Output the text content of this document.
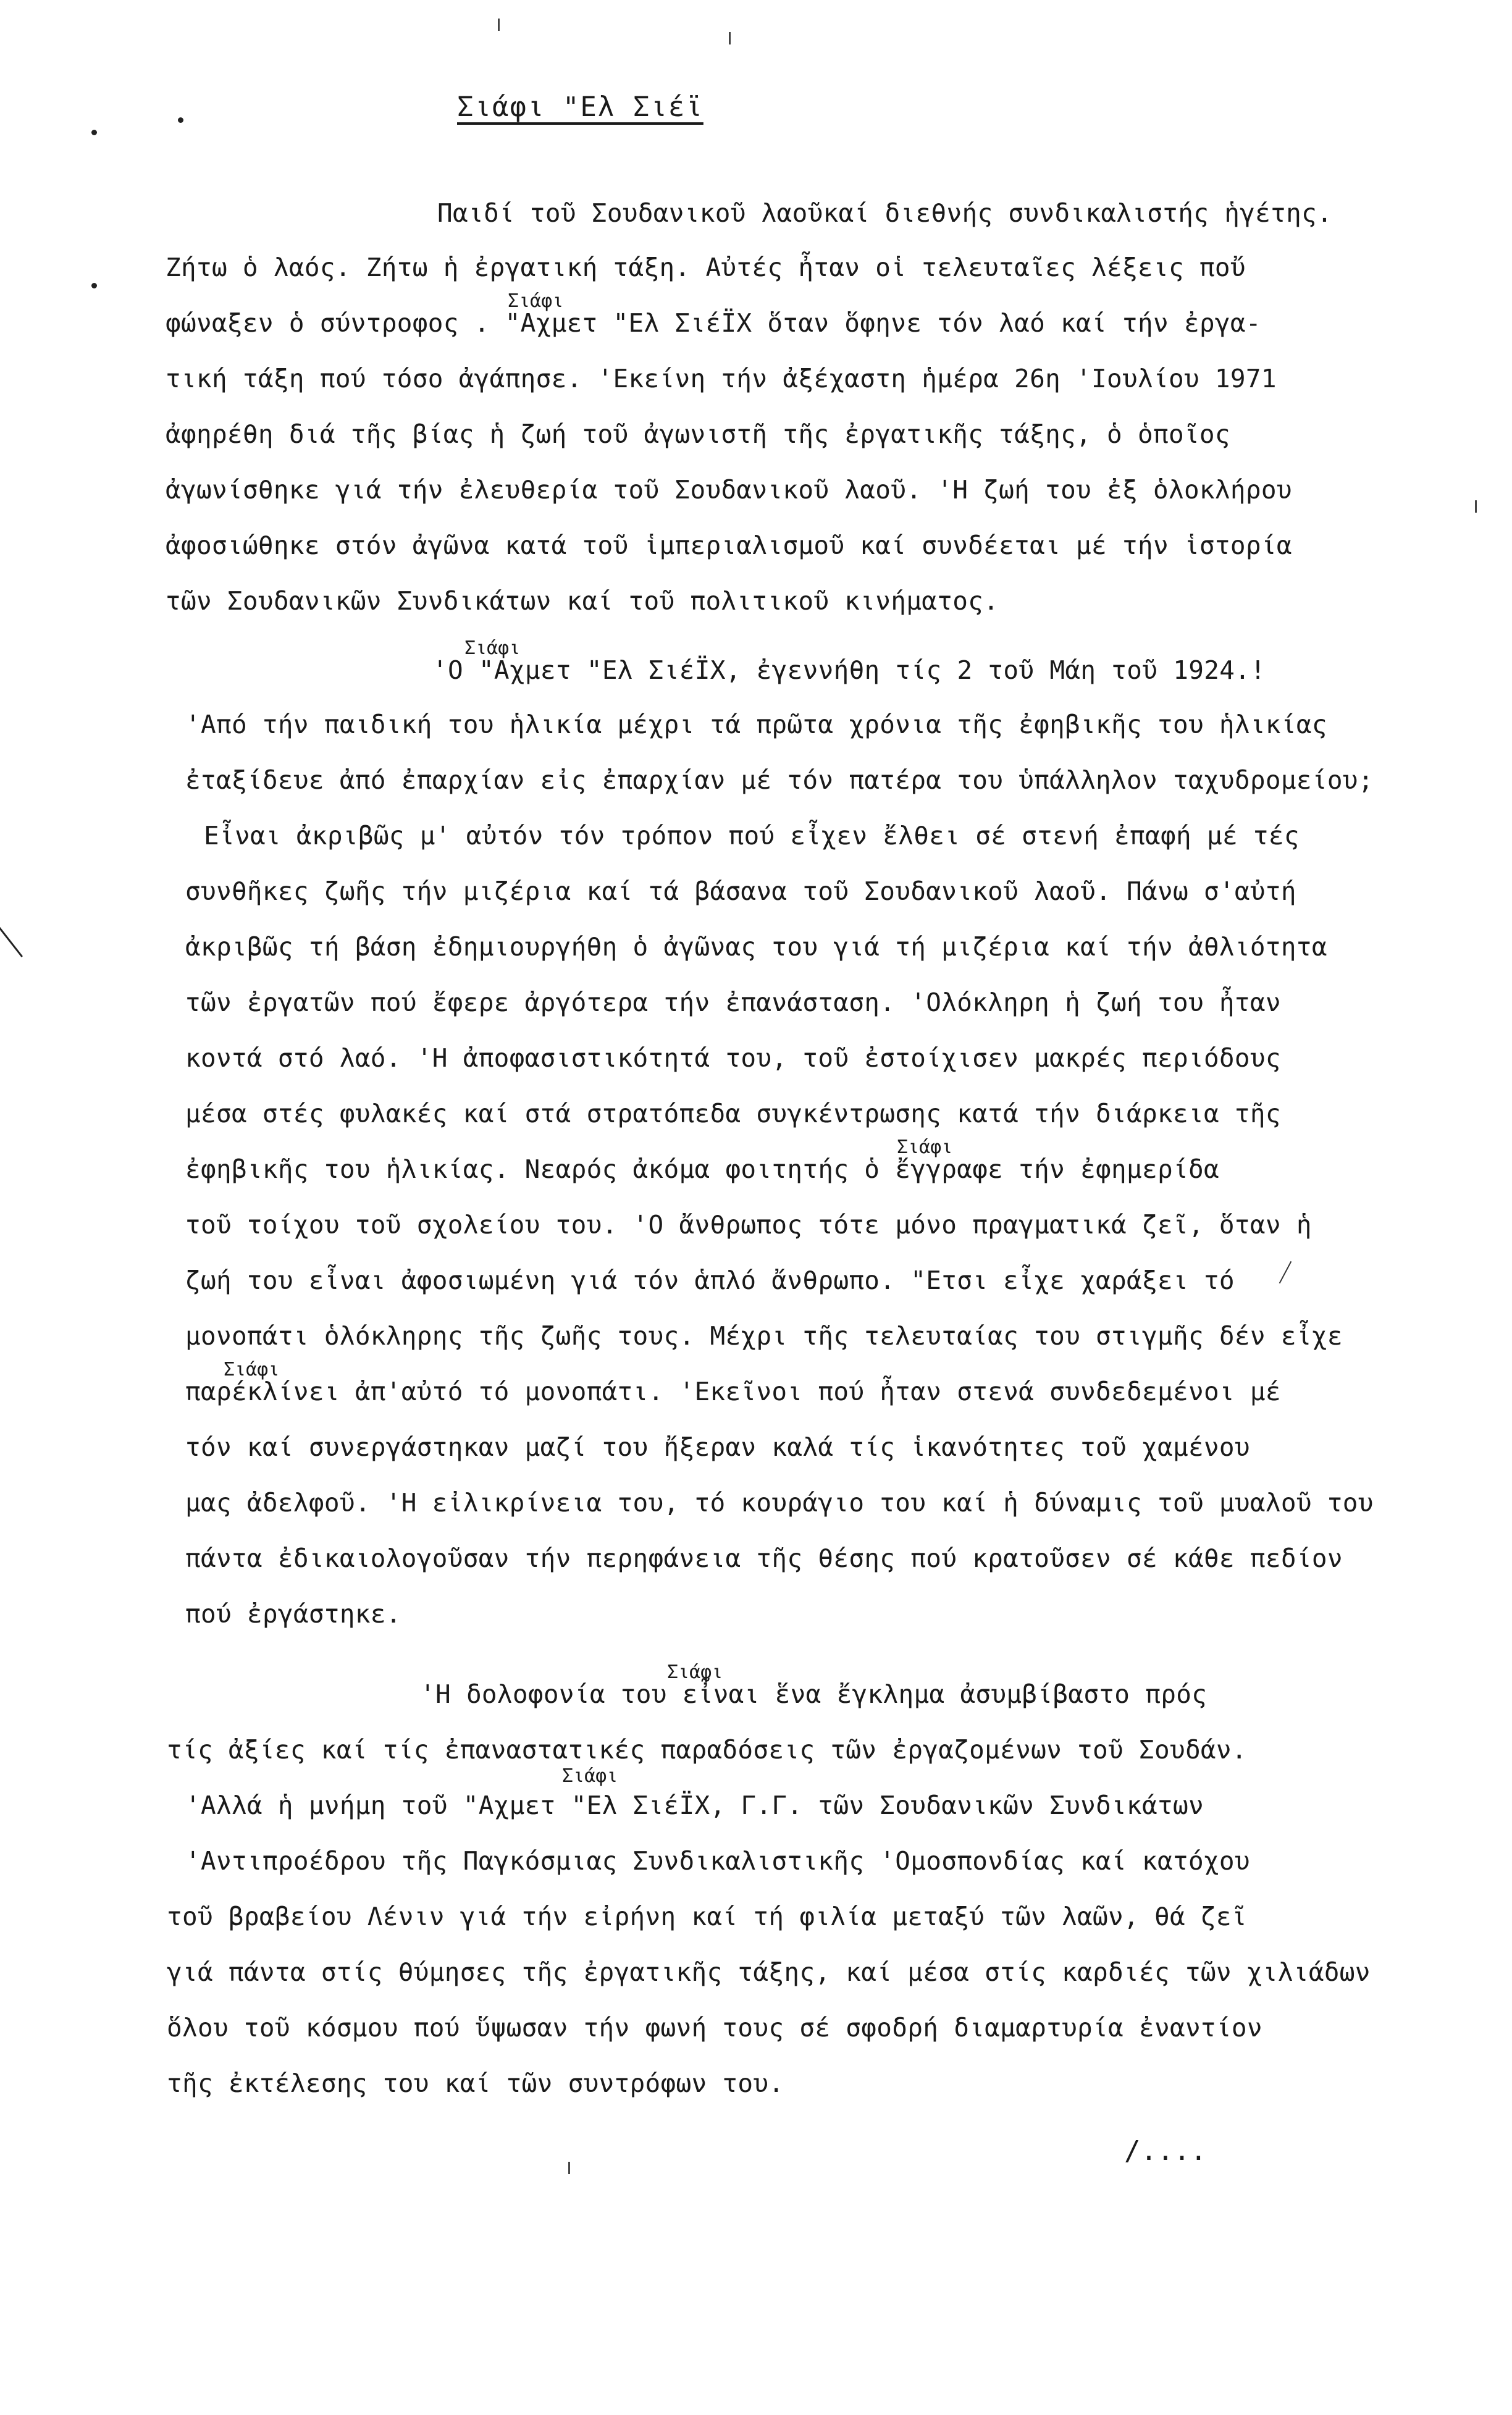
Σιάφι "Ελ Σιέϊ
Παιδί τοῦ Σουδανικοῦ λαοῦκαί διεθνής συνδικαλιστής ἡγέτης.
Ζήτω ὁ λαός. Ζήτω ἡ ἐργατική τάξη. Αὐτές ἦταν οἱ τελευταῖες λέξεις ποὔ
φώναξεν ὁ σύντροφος . "Αχμετ "Ελ ΣιέΪΧ ὅταν ὅφηνε τόν λαό καί τήν ἐργα-
τική τάξη πού τόσο ἀγάπησε. 'Εκείνη τήν ἀξέχαστη ἡμέρα 26η 'Ιουλίου 1971
ἀφηρέθη διά τῆς βίας ἡ ζωή τοῦ ἀγωνιστῆ τῆς ἐργατικῆς τάξης, ὁ ὁποῖος
ἀγωνίσθηκε γιά τήν ἐλευθερία τοῦ Σουδανικοῦ λαοῦ. 'Η ζωή του ἐξ ὁλοκλήρου
ἀφοσιώθηκε στόν ἀγῶνα κατά τοῦ ἱμπεριαλισμοῦ καί συνδέεται μέ τήν ἱστορία
τῶν Σουδανικῶν Συνδικάτων καί τοῦ πολιτικοῦ κινήματος.
'Ο "Αχμετ "Ελ ΣιέΪΧ, ἐγεννήθη τίς 2 τοῦ Μάη τοῦ 1924.!
'Από τήν παιδική του ἡλικία μέχρι τά πρῶτα χρόνια τῆς ἐφηβικῆς του ἡλικίας
ἐταξίδευε ἀπό ἐπαρχίαν εἰς ἐπαρχίαν μέ τόν πατέρα του ὑπάλληλον ταχυδρομείου;
Εἶναι ἀκριβῶς μ' αὐτόν τόν τρόπον πού εἶχεν ἔλθει σέ στενή ἐπαφή μέ τές
συνθῆκες ζωῆς τήν μιζέρια καί τά βάσανα τοῦ Σουδανικοῦ λαοῦ. Πάνω σ'αὐτή
ἀκριβῶς τή βάση ἐδημιουργήθη ὁ ἀγῶνας του γιά τή μιζέρια καί τήν ἀθλιότητα
τῶν ἐργατῶν πού ἔφερε ἀργότερα τήν ἐπανάσταση. 'Ολόκληρη ἡ ζωή του ἦταν
κοντά στό λαό. 'Η ἀποφασιστικότητά του, τοῦ ἐστοίχισεν μακρές περιόδους
μέσα στές φυλακές καί στά στρατόπεδα συγκέντρωσης κατά τήν διάρκεια τῆς
ἐφηβικῆς του ἡλικίας. Νεαρός ἀκόμα φοιτητής ὁ ἔγγραφε τήν ἐφημερίδα
τοῦ τοίχου τοῦ σχολείου του. 'Ο ἄνθρωπος τότε μόνο πραγματικά ζεῖ, ὅταν ἡ
ζωή του εἶναι ἀφοσιωμένη γιά τόν ἁπλό ἄνθρωπο. "Ετσι εἶχε χαράξει τό
μονοπάτι ὁλόκληρης τῆς ζωῆς τους. Μέχρι τῆς τελευταίας του στιγμῆς δέν εἶχε
παρέκλίνει ἀπ'αὐτό τό μονοπάτι. 'Εκεῖνοι πού ἦταν στενά συνδεδεμένοι μέ
τόν καί συνεργάστηκαν μαζί του ἤξεραν καλά τίς ἱκανότητες τοῦ χαμένου
μας ἀδελφοῦ. 'Η εἰλικρίνεια του, τό κουράγιο του καί ἡ δύναμις τοῦ μυαλοῦ του
πάντα ἐδικαιολογοῦσαν τήν περηφάνεια τῆς θέσης πού κρατοῦσεν σέ κάθε πεδίον
πού ἐργάστηκε.
'Η δολοφονία του εἶναι ἕνα ἔγκλημα ἀσυμβίβαστο πρός
τίς ἀξίες καί τίς ἐπαναστατικές παραδόσεις τῶν ἐργαζομένων τοῦ Σουδάν.
'Αλλά ἡ μνήμη τοῦ "Αχμετ "Ελ ΣιέΪΧ, Γ.Γ. τῶν Σουδανικῶν Συνδικάτων
'Αντιπροέδρου τῆς Παγκόσμιας Συνδικαλιστικῆς 'Ομοσπονδίας καί κατόχου
τοῦ βραβείου Λένιν γιά τήν εἰρήνη καί τή φιλία μεταξύ τῶν λαῶν, θά ζεῖ
γιά πάντα στίς θύμησες τῆς ἐργατικῆς τάξης, καί μέσα στίς καρδιές τῶν χιλιάδων
ὅλου τοῦ κόσμου πού ὕψωσαν τήν φωνή τους σέ σφοδρή διαμαρτυρία ἐναντίον
τῆς ἐκτέλεσης του καί τῶν συντρόφων του.
Σιάφι
Σιάφι
Σιάφι
Σιάφι
Σιάφι
Σιάφι
/....
